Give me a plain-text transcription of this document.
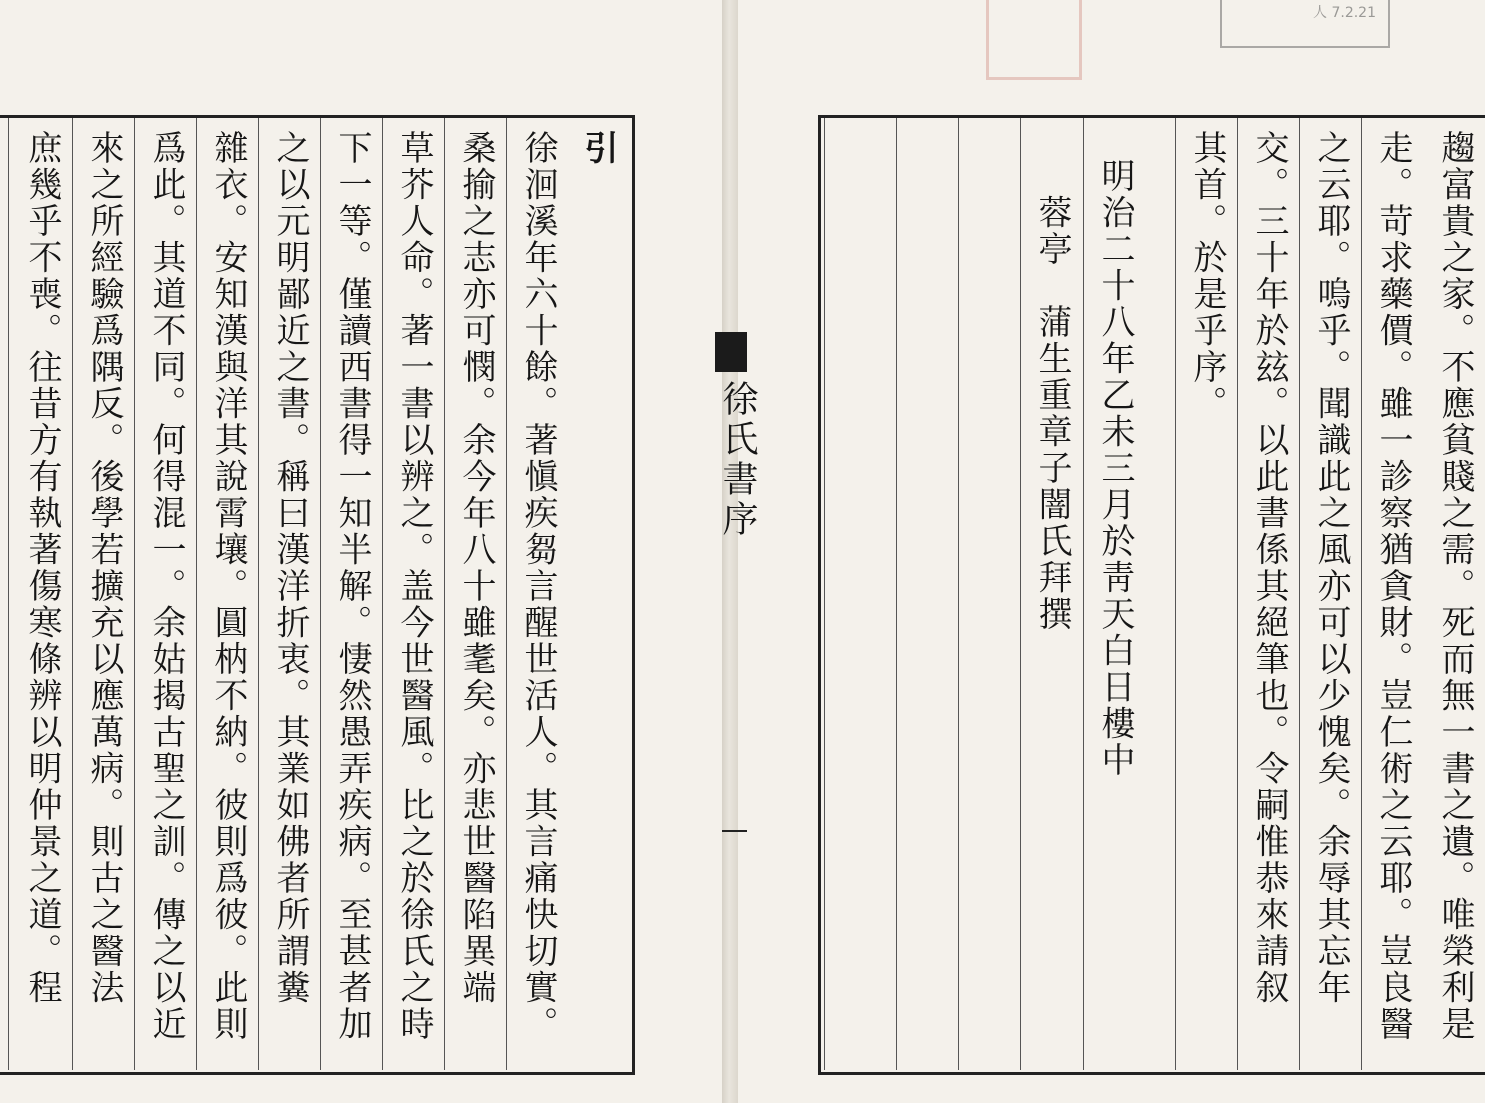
引
徐洄溪年六十餘。著愼疾芻言醒世活人。其言痛快切實。
桑揄之志亦可憫。余今年八十雖耄矣。亦悲世醫陷異端
草芥人命。著一書以辨之。盖今世醫風。比之於徐氏之時
下一等。僅讀西書得一知半解。悽然愚弄疾病。至甚者加
之以元明鄙近之書。稱曰漢洋折衷。其業如佛者所謂糞
雜衣。安知漢與洋其說霄壤。圓枘不納。彼則爲彼。此則
爲此。其道不同。何得混一。余姑揭古聖之訓。傳之以近
來之所經驗爲隅反。後學若擴充以應萬病。則古之醫法
庶幾乎不喪。往昔方有執著傷寒條辨以明仲景之道。程
人 7.2.21
趨富貴之家。不應貧賤之需。死而無一書之遺。唯榮利是
走。苛求藥價。雖一診察猶貪財。豈仁術之云耶。豈良醫
之云耶。嗚乎。聞識此之風亦可以少愧矣。余辱其忘年
交。三十年於玆。以此書係其絕筆也。令嗣惟恭來請叙
其首。於是乎序。
明治二十八年乙未三月於靑天白日樓中
　蓉亭　蒲生重章子闇氏拜撰
徐氏書序
